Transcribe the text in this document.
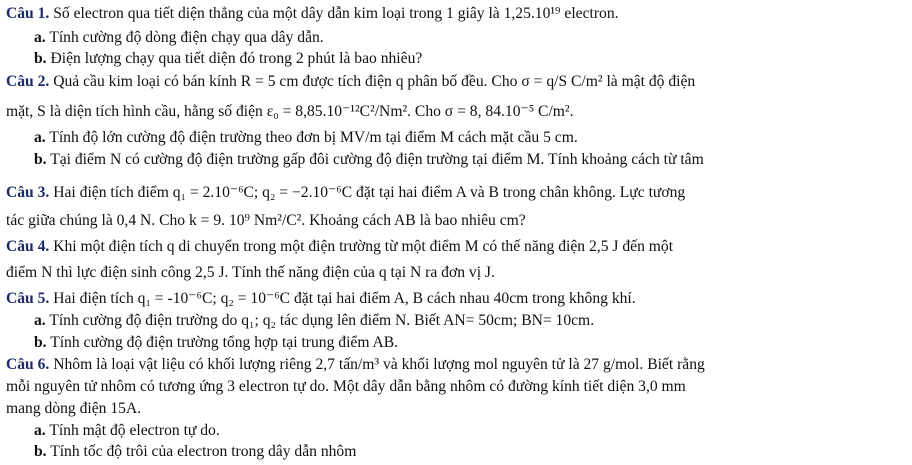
Câu 1. Số electron qua tiết diện thẳng của một dây dẫn kim loại trong 1 giây là 1,25.10¹⁹ electron.
a. Tính cường độ dòng điện chạy qua dây dẫn.
b. Điện lượng chạy qua tiết diện đó trong 2 phút là bao nhiêu?
Câu 2. Quả cầu kim loại có bán kính R = 5 cm được tích điện q phân bố đều. Cho σ = q/S C/m² là mật độ điện
mặt, S là diện tích hình cầu, hằng số điện ε₀ = 8,85.10⁻¹²C²/Nm². Cho σ = 8, 84.10⁻⁵ C/m².
a. Tính độ lớn cường độ điện trường theo đơn bị MV/m tại điểm M cách mặt cầu 5 cm.
b. Tại điểm N có cường độ điện trường gấp đôi cường độ điện trường tại điểm M. Tính khoảng cách từ tâm
Câu 3. Hai điện tích điểm q₁ = 2.10⁻⁶C; q₂ = −2.10⁻⁶C đặt tại hai điểm A và B trong chân không. Lực tương
tác giữa chúng là 0,4 N. Cho k = 9. 10⁹ Nm²/C². Khoảng cách AB là bao nhiêu cm?
Câu 4. Khi một điện tích q di chuyển trong một điện trường từ một điểm M có thế năng điện 2,5 J đến một
điểm N thì lực điện sinh công 2,5 J. Tính thế năng điện của q tại N ra đơn vị J.
Câu 5. Hai điện tích q₁ = -10⁻⁶C; q₂ = 10⁻⁶C đặt tại hai điểm A, B cách nhau 40cm trong không khí.
a. Tính cường độ điện trường do q₁; q₂ tác dụng lên điểm N. Biết AN= 50cm; BN= 10cm.
b. Tính cường độ điện trường tổng hợp tại trung điểm AB.
Câu 6. Nhôm là loại vật liệu có khối lượng riêng 2,7 tấn/m³ và khối lượng mol nguyên tử là 27 g/mol. Biết rằng
mỗi nguyên tử nhôm có tương ứng 3 electron tự do. Một dây dẫn bằng nhôm có đường kính tiết diện 3,0 mm
mang dòng điện 15A.
a. Tính mật độ electron tự do.
b. Tính tốc độ trôi của electron trong dây dẫn nhôm
